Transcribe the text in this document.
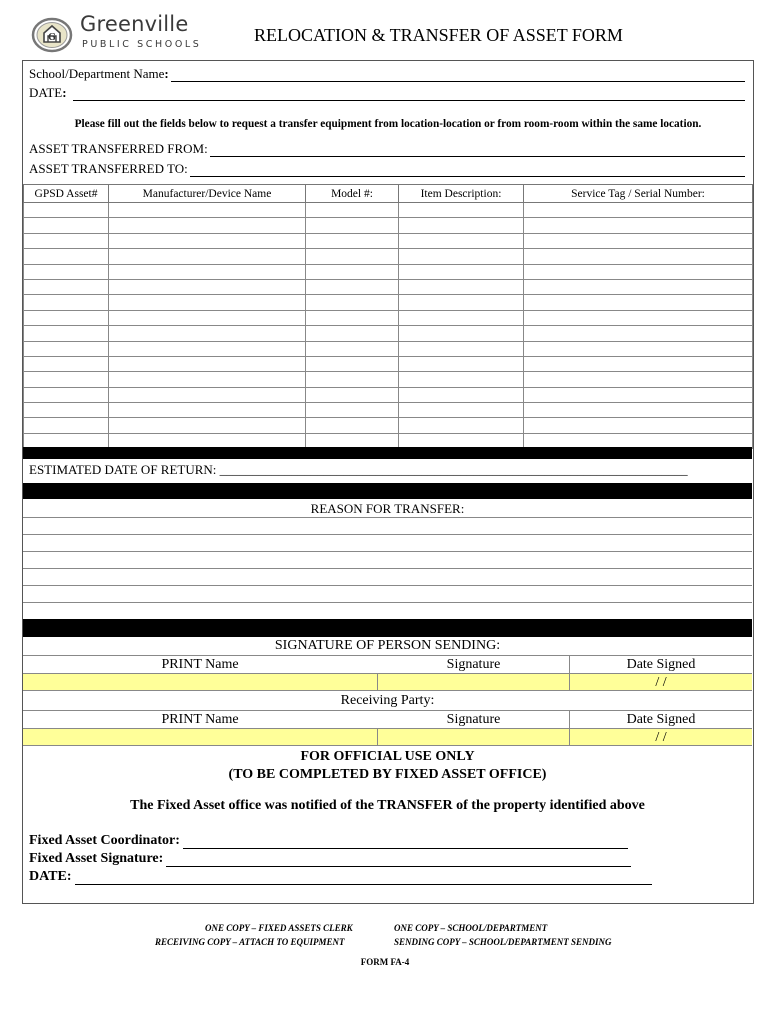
G
Greenville
PUBLIC SCHOOLS	RELOCATION & TRANSFER OF ASSET FORM
School/Department Name :
DATE :
Please fill out the fields below to request a transfer equipment from location-location or from room-room within the same location.
ASSET TRANSFERRED FROM:
ASSET TRANSFERRED TO:
GPSD Asset#	Manufacturer/Device Name	Model #:	Item Description:	Service Tag / Serial Number:

ESTIMATED DATE OF RETURN: ________________________________________________________________________
REASON FOR TRANSFER:
SIGNATURE OF PERSON SENDING:
PRINT Name	Signature	Date Signed
/ /
Receiving Party:
PRINT Name	Signature	Date Signed
/ /
FOR OFFICIAL USE ONLY
(TO BE COMPLETED BY FIXED ASSET OFFICE)
The Fixed Asset office was notified of the TRANSFER of the property identified above
Fixed Asset Coordinator:
Fixed Asset Signature:
DATE:
ONE COPY – FIXED ASSETS CLERK
RECEIVING COPY – ATTACH TO EQUIPMENT
ONE COPY – SCHOOL/DEPARTMENT
SENDING COPY – SCHOOL/DEPARTMENT SENDING
FORM FA-4
